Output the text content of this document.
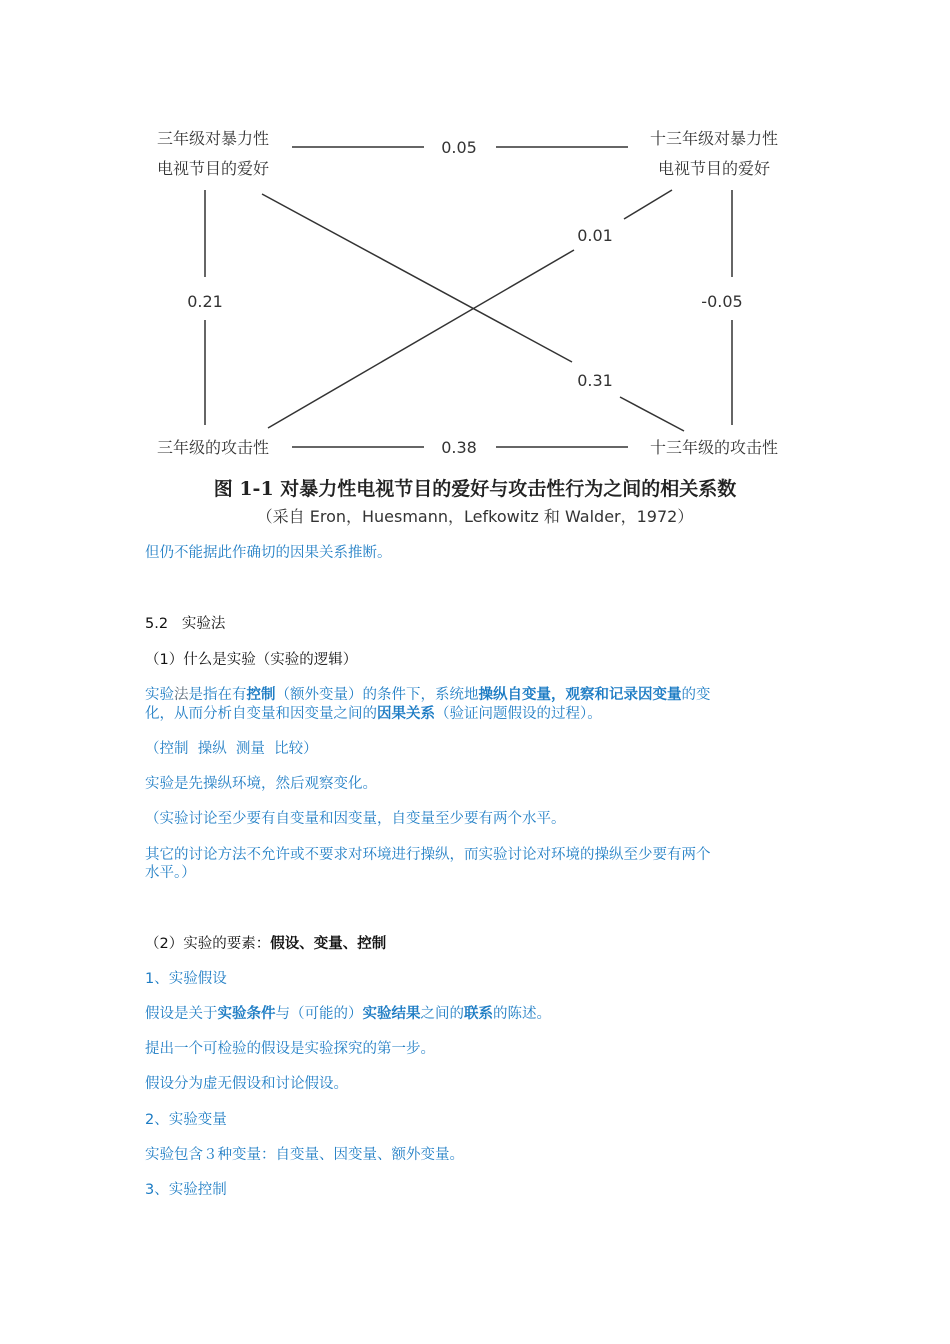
三年级对暴力性
电视节目的爱好
十三年级对暴力性
电视节目的爱好
三年级的攻击性	十三年级的攻击性
0.05
0.01
0.21	-0.05
0.31
0.38
图 1-1 对暴力性电视节目的爱好与攻击性行为之间的相关系数
（采自 Eron，Huesmann，Lefkowitz 和 Walder，1972）
但仍不能据此作确切的因果关系推断。
5.2   实验法
（1）什么是实验（实验的逻辑）
实验法是指在有控制（额外变量）的条件下，系统地操纵自变量，观察和记录因变量的变
化，从而分析自变量和因变量之间的因果关系（验证问题假设的过程）。
（控制  操纵  测量  比较）
实验是先操纵环境，然后观察变化。
（实验讨论至少要有自变量和因变量，自变量至少要有两个水平。
其它的讨论方法不允许或不要求对环境进行操纵，而实验讨论对环境的操纵至少要有两个
水平。）
（2）实验的要素：假设、变量、控制
1、实验假设
假设是关于实验条件与（可能的）实验结果之间的联系的陈述。
提出一个可检验的假设是实验探究的第一步。
假设分为虚无假设和讨论假设。
2、实验变量
实验包含３种变量：自变量、因变量、额外变量。
3、实验控制
